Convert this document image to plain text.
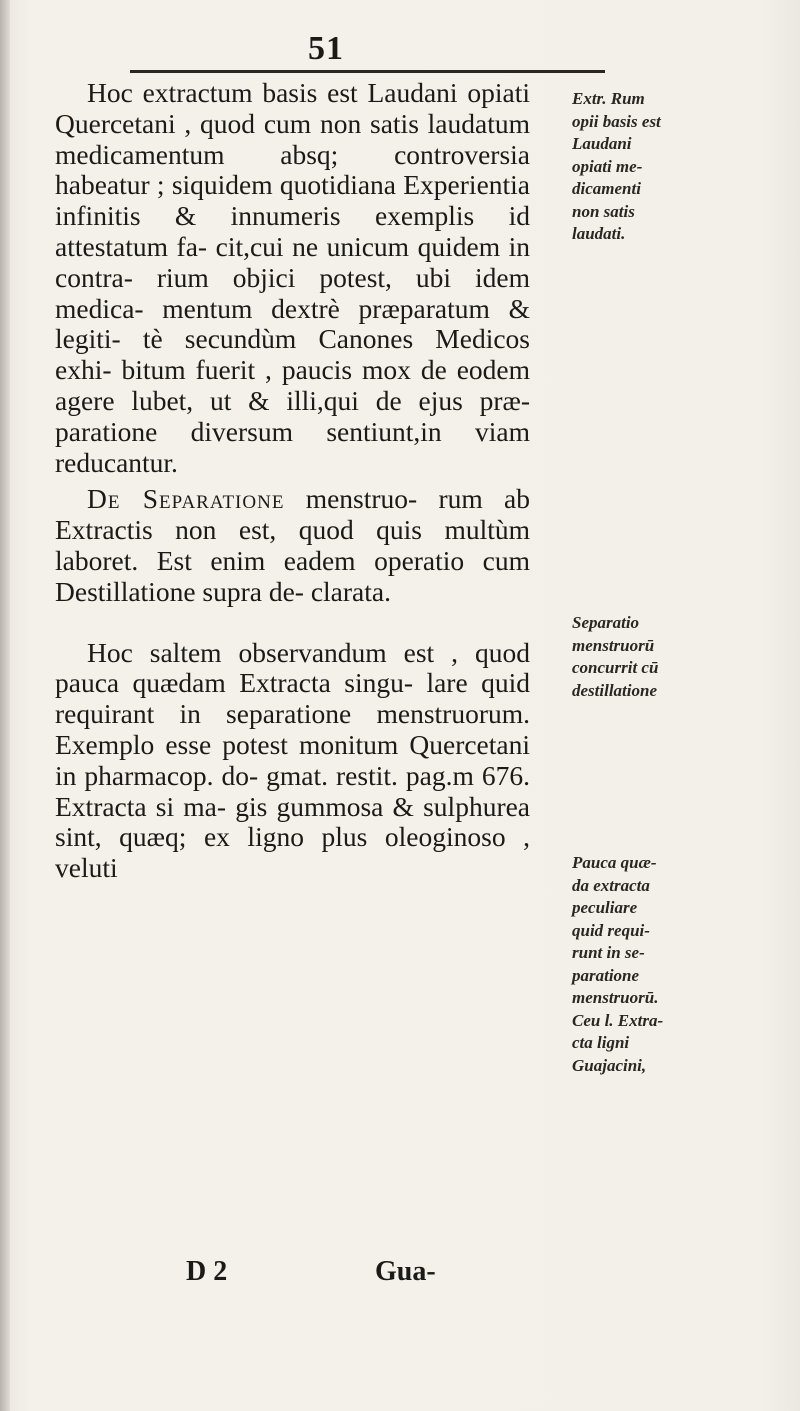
51

Hoc extractum basis est Laudani opiati Quercetani , quod cum non satis laudatum medicamentum absq; controversia habeatur ; siquidem quotidiana Experientia infinitis & innumeris exemplis id attestatum fa- cit,cui ne unicum quidem in contra- rium objici potest, ubi idem medica- mentum dextrè præparatum & legiti- tè secundùm Canones Medicos exhi- bitum fuerit , paucis mox de eodem agere lubet, ut & illi,qui de ejus præ- paratione diversum sentiunt,in viam reducantur.

De Separatione menstruo- rum ab Extractis non est, quod quis multùm laboret. Est enim eadem operatio cum Destillatione supra de- clarata.

Hoc saltem observandum est , quod pauca quædam Extracta singu- lare quid requirant in separatione menstruorum. Exemplo esse potest monitum Quercetani in pharmacop. do- gmat. restit. pag.m 676. Extracta si ma- gis gummosa & sulphurea sint, quæq; ex ligno plus oleoginoso , veluti

D 2	Gua-
Extr. Rum
opii basis est
Laudani
opiati me-
dicamenti
non satis
laudati.
Separatio
menstruorū
concurrit cū
destillatione
Pauca quæ-
da extracta
peculiare
quid requi-
runt in se-
paratione
menstruorū.
Ceu l. Extra-
cta ligni
Guajacini,
